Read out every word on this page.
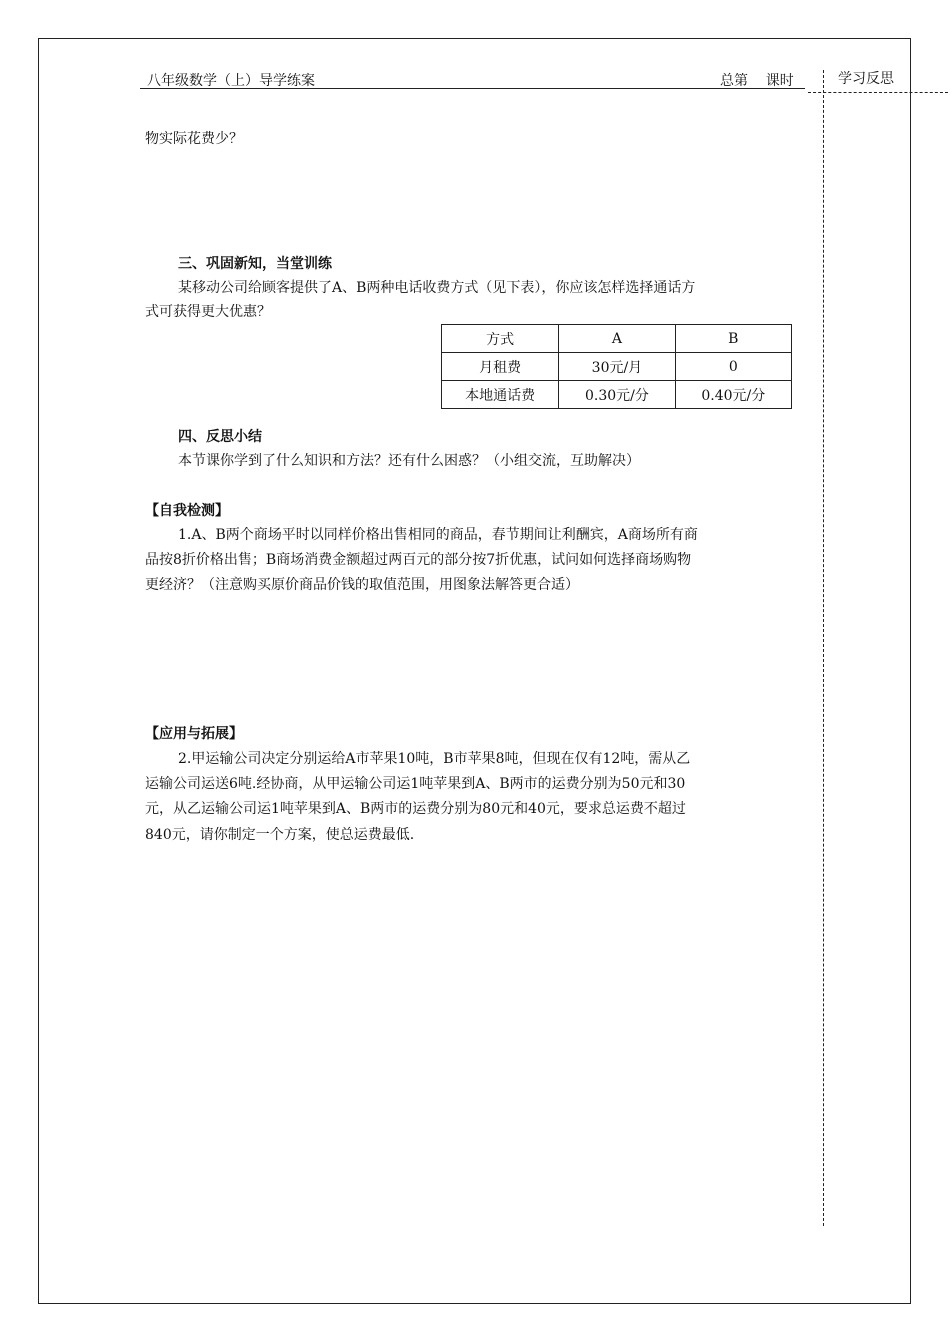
八年级数学（上）导学练案	总第    课时	学习反思
物实际花费少？
三、巩固新知，当堂训练
某移动公司给顾客提供了A、B两种电话收费方式（见下表），你应该怎样选择通话方
式可获得更大优惠？
方式	A	B
月租费	30元/月	0
本地通话费	0.30元/分	0.40元/分
四、反思小结
本节课你学到了什么知识和方法？还有什么困惑？（小组交流，互助解决）
【自我检测】
1.A、B两个商场平时以同样价格出售相同的商品，春节期间让利酬宾，A商场所有商
品按8折价格出售；B商场消费金额超过两百元的部分按7折优惠，试问如何选择商场购物
更经济？（注意购买原价商品价钱的取值范围，用图象法解答更合适）
【应用与拓展】
2.甲运输公司决定分别运给A市苹果10吨，B市苹果8吨，但现在仅有12吨，需从乙
运输公司运送6吨.经协商，从甲运输公司运1吨苹果到A、B两市的运费分别为50元和30
元，从乙运输公司运1吨苹果到A、B两市的运费分别为80元和40元，要求总运费不超过
840元，请你制定一个方案，使总运费最低.
